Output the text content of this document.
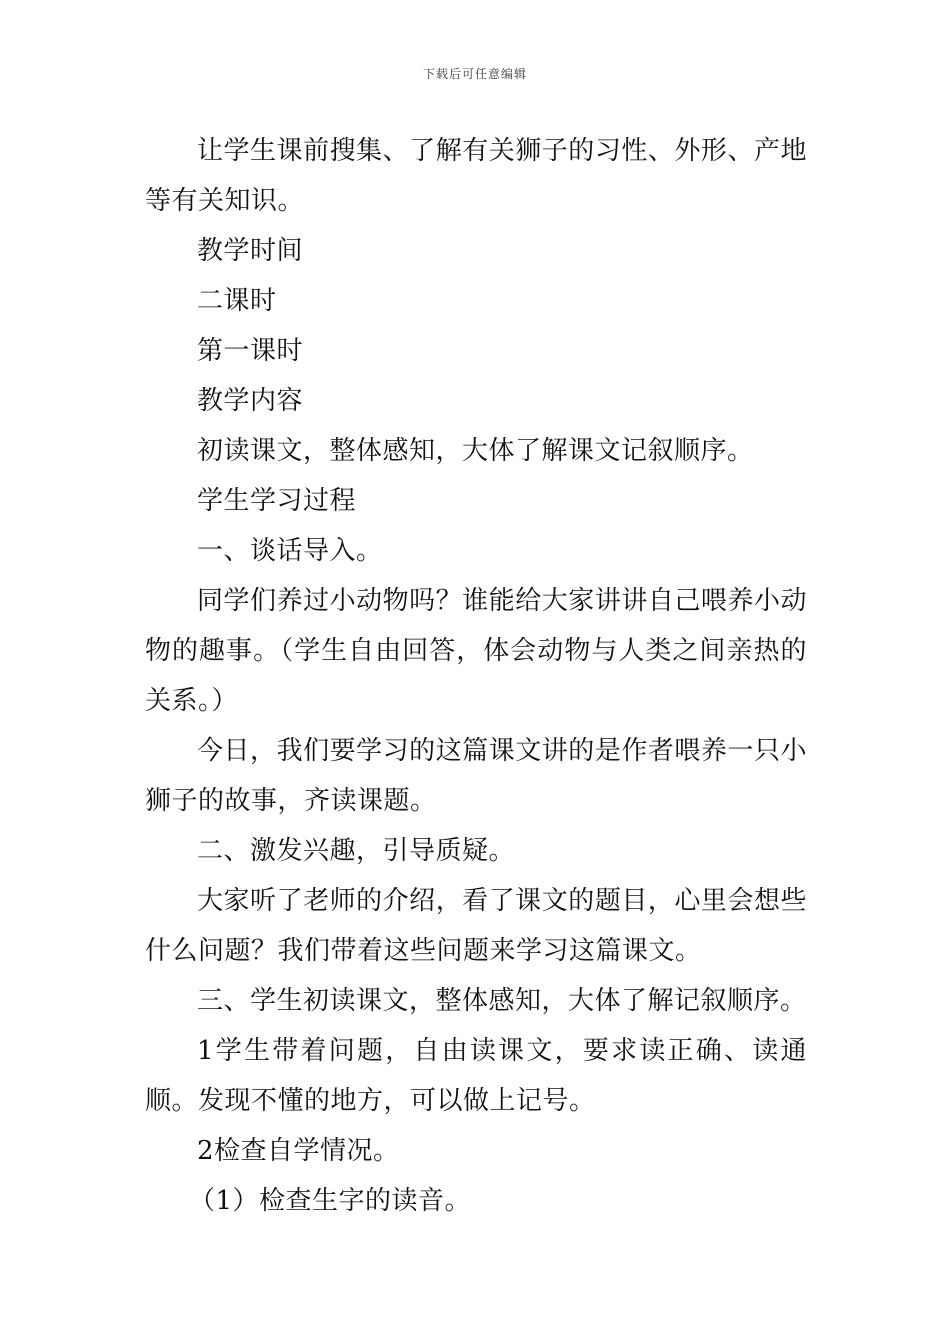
下载后可任意编辑

让学生课前搜集、了解有关狮子的习性、外形、产地等有关知识。

教学时间

二课时

第一课时

教学内容

初读课文，整体感知，大体了解课文记叙顺序。

学生学习过程

一、谈话导入。

同学们养过小动物吗？谁能给大家讲讲自己喂养小动物的趣事。（学生自由回答，体会动物与人类之间亲热的关系。）

今日，我们要学习的这篇课文讲的是作者喂养一只小狮子的故事，齐读课题。

二、激发兴趣，引导质疑。

大家听了老师的介绍，看了课文的题目，心里会想些什么问题？我们带着这些问题来学习这篇课文。

三、学生初读课文，整体感知，大体了解记叙顺序。

1学生带着问题，自由读课文，要求读正确、读通顺。发现不懂的地方，可以做上记号。

2检查自学情况。

（1）检查生字的读音。
